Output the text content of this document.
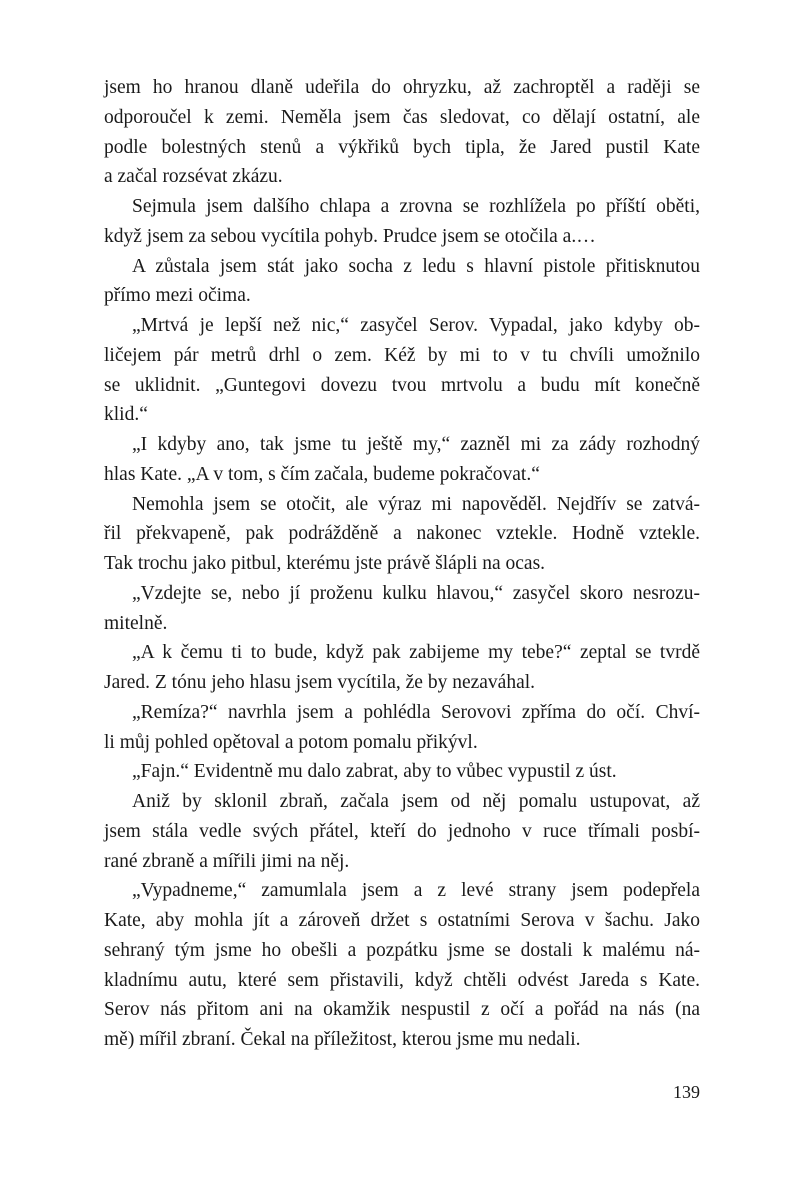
jsem ho hranou dlaně udeřila do ohryzku, až zachroptěl a raději se
odporoučel k zemi. Neměla jsem čas sledovat, co dělají ostatní, ale
podle bolestných stenů a výkřiků bych tipla, že Jared pustil Kate
a začal rozsévat zkázu.
Sejmula jsem dalšího chlapa a zrovna se rozhlížela po příští oběti,
když jsem za sebou vycítila pohyb. Prudce jsem se otočila a.…
A zůstala jsem stát jako socha z ledu s hlavní pistole přitisknutou
přímo mezi očima.
„Mrtvá je lepší než nic,“ zasyčel Serov. Vypadal, jako kdyby ob-
ličejem pár metrů drhl o zem. Kéž by mi to v tu chvíli umožnilo
se uklidnit. „Guntegovi dovezu tvou mrtvolu a budu mít konečně
klid.“
„I kdyby ano, tak jsme tu ještě my,“ zazněl mi za zády rozhodný
hlas Kate. „A v tom, s čím začala, budeme pokračovat.“
Nemohla jsem se otočit, ale výraz mi napověděl. Nejdřív se zatvá-
řil překvapeně, pak podrážděně a nakonec vztekle. Hodně vztekle.
Tak trochu jako pitbul, kterému jste právě šlápli na ocas.
„Vzdejte se, nebo jí proženu kulku hlavou,“ zasyčel skoro nesrozu-
mitelně.
„A k čemu ti to bude, když pak zabijeme my tebe?“ zeptal se tvrdě
Jared. Z tónu jeho hlasu jsem vycítila, že by nezaváhal.
„Remíza?“ navrhla jsem a pohlédla Serovovi zpříma do očí. Chví-
li můj pohled opětoval a potom pomalu přikývl.
„Fajn.“ Evidentně mu dalo zabrat, aby to vůbec vypustil z úst.
Aniž by sklonil zbraň, začala jsem od něj pomalu ustupovat, až
jsem stála vedle svých přátel, kteří do jednoho v ruce třímali posbí-
rané zbraně a mířili jimi na něj.
„Vypadneme,“ zamumlala jsem a z levé strany jsem podepřela
Kate, aby mohla jít a zároveň držet s ostatními Serova v šachu. Jako
sehraný tým jsme ho obešli a pozpátku jsme se dostali k malému ná-
kladnímu autu, které sem přistavili, když chtěli odvést Jareda s Kate.
Serov nás přitom ani na okamžik nespustil z očí a pořád na nás (na
mě) mířil zbraní. Čekal na příležitost, kterou jsme mu nedali.
139
